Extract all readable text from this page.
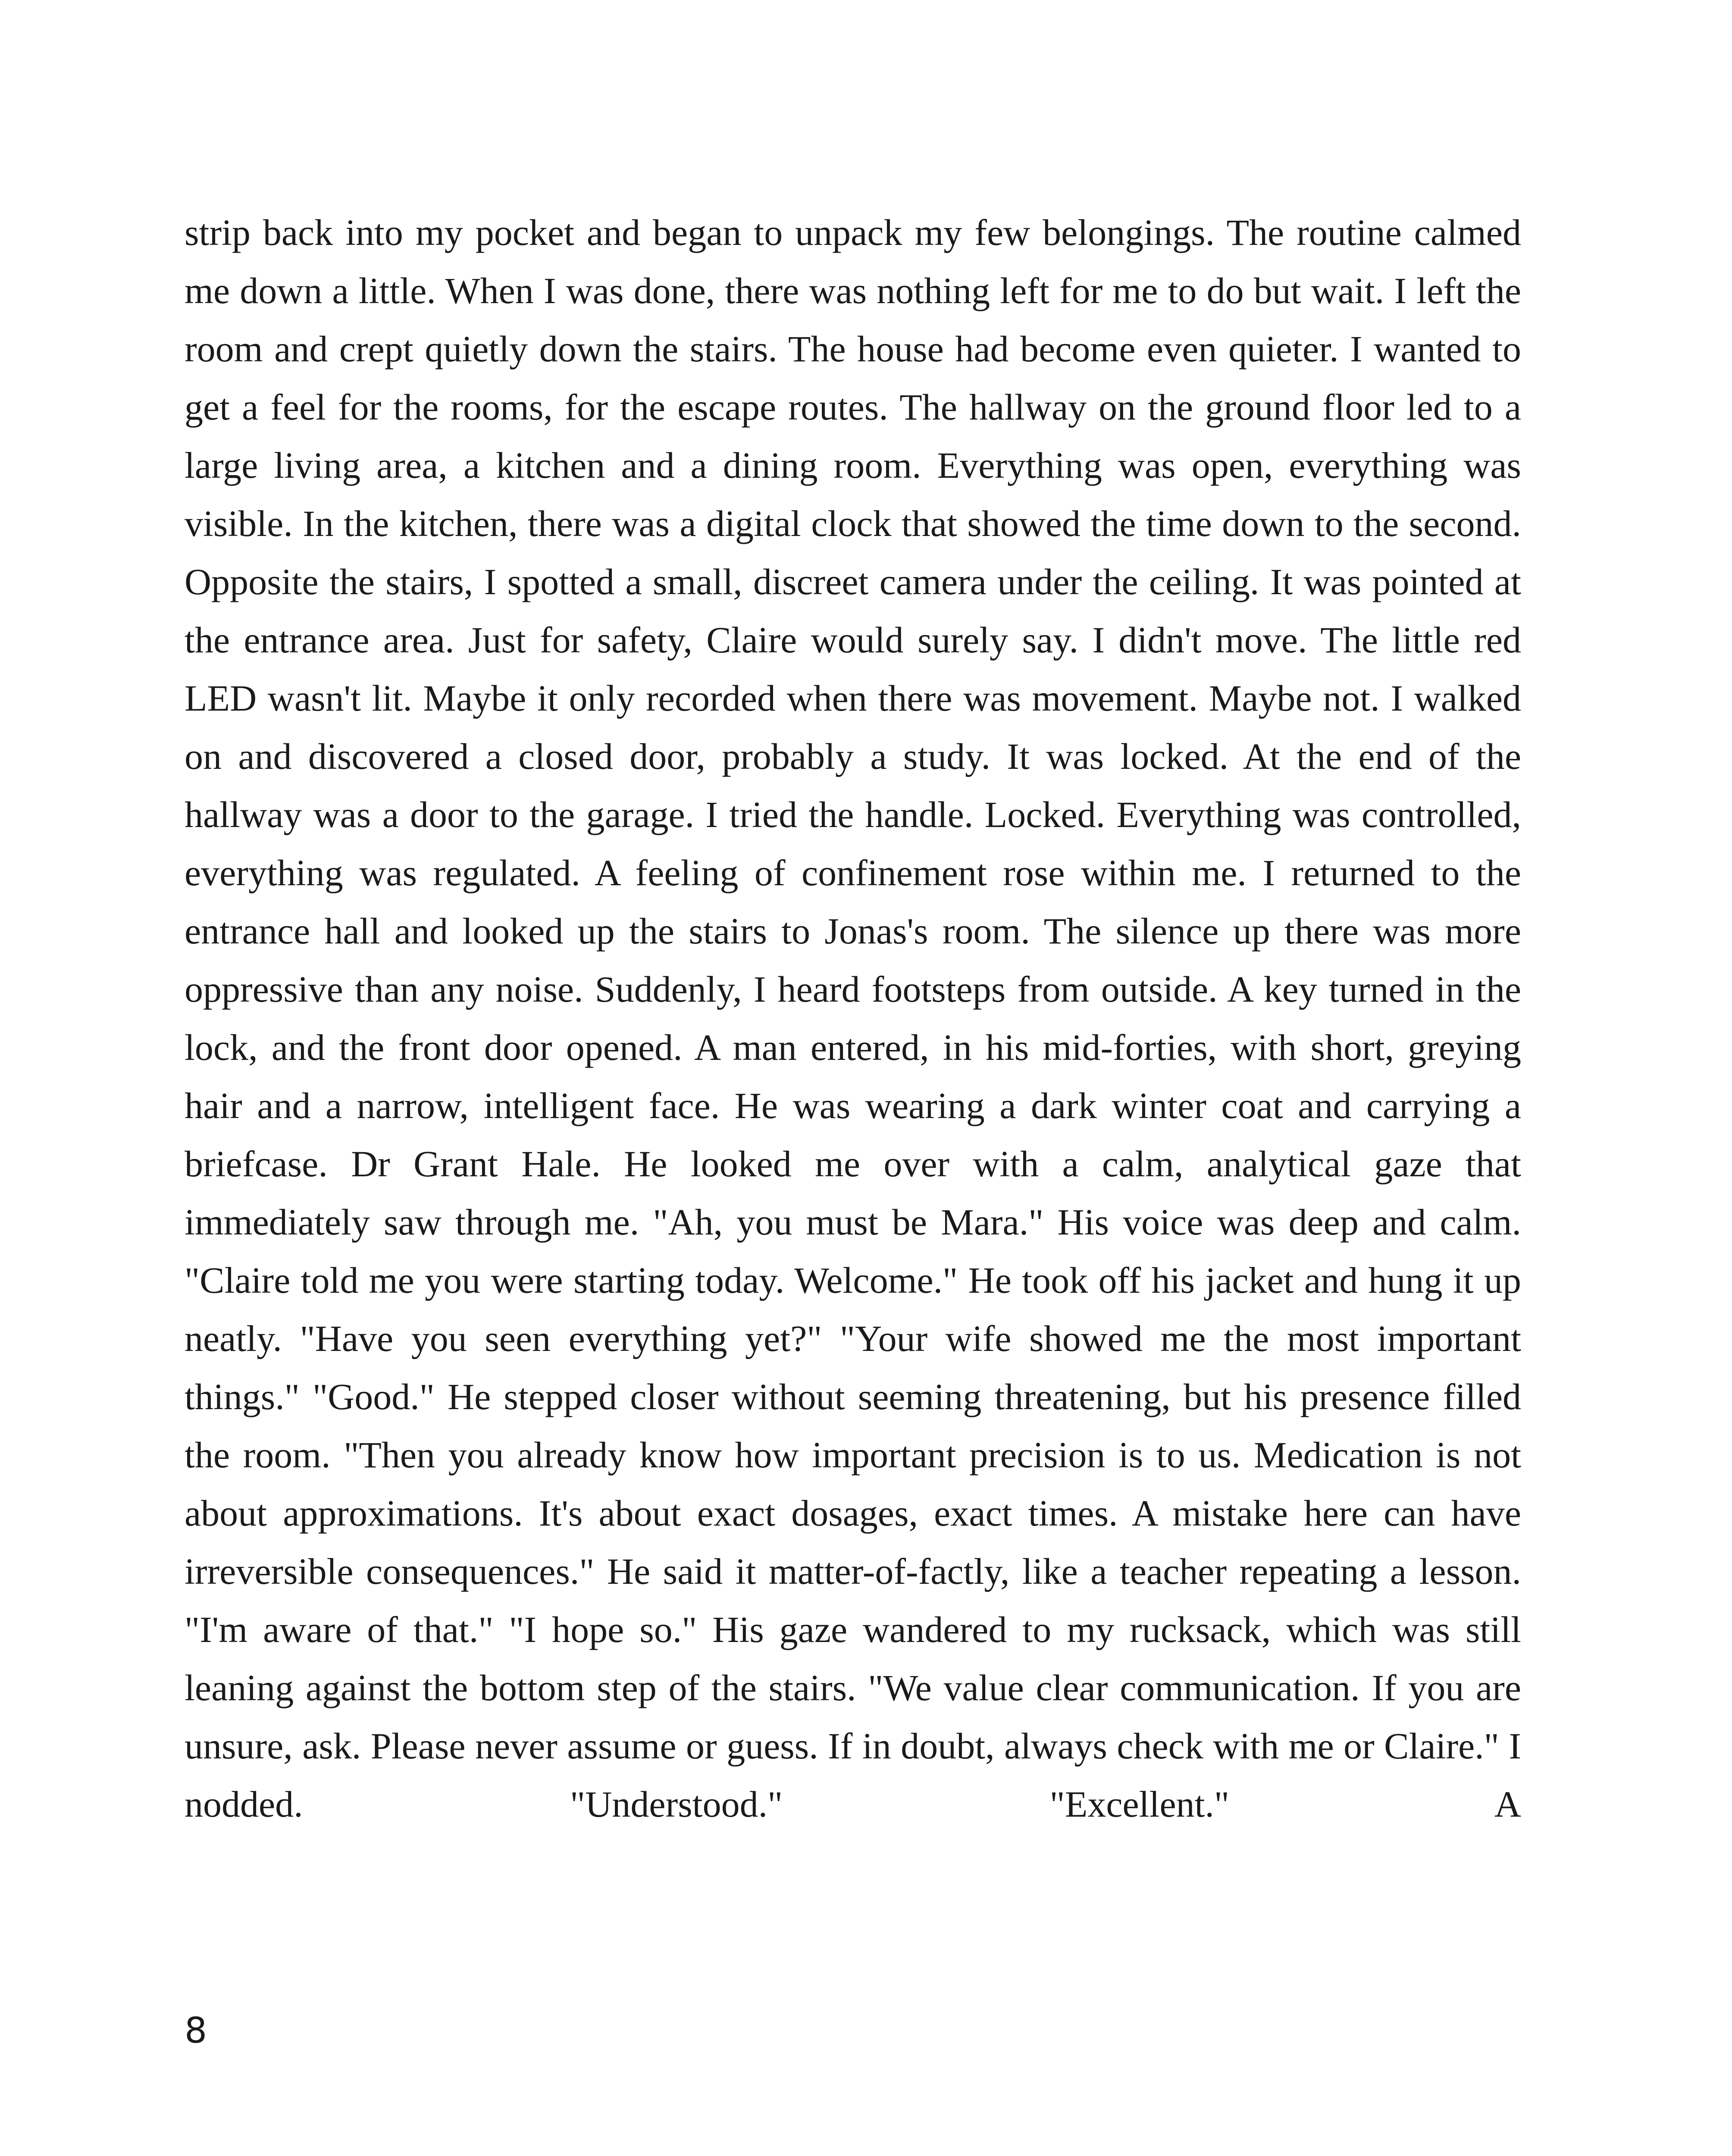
strip back into my pocket and began to unpack my few belongings. The routine calmed me down a little. When I was done, there was nothing left for me to do but wait. I left the room and crept quietly down the stairs. The house had become even quieter. I wanted to get a feel for the rooms, for the escape routes. The hallway on the ground floor led to a large living area, a kitchen and a dining room. Everything was open, everything was visible. In the kitchen, there was a digital clock that showed the time down to the second. Opposite the stairs, I spotted a small, discreet camera under the ceiling. It was pointed at the entrance area. Just for safety, Claire would surely say. I didn't move. The little red LED wasn't lit. Maybe it only recorded when there was movement. Maybe not. I walked on and discovered a closed door, probably a study. It was locked. At the end of the hallway was a door to the garage. I tried the handle. Locked. Everything was controlled, everything was regulated. A feeling of confinement rose within me. I returned to the entrance hall and looked up the stairs to Jonas's room. The silence up there was more oppressive than any noise. Suddenly, I heard footsteps from outside. A key turned in the lock, and the front door opened. A man entered, in his mid-forties, with short, greying hair and a narrow, intelligent face. He was wearing a dark winter coat and carrying a briefcase. Dr Grant Hale. He looked me over with a calm, analytical gaze that immediately saw through me. "Ah, you must be Mara." His voice was deep and calm. "Claire told me you were starting today. Welcome." He took off his jacket and hung it up neatly. "Have you seen everything yet?" "Your wife showed me the most important things." "Good." He stepped closer without seeming threatening, but his presence filled the room. "Then you already know how important precision is to us. Medication is not about approximations. It's about exact dosages, exact times. A mistake here can have irreversible consequences." He said it matter-of-factly, like a teacher repeating a lesson. "I'm aware of that." "I hope so." His gaze wandered to my rucksack, which was still leaning against the bottom step of the stairs. "We value clear communication. If you are unsure, ask. Please never assume or guess. If in doubt, always check with me or Claire." I nodded. "Understood." "Excellent." A

8
